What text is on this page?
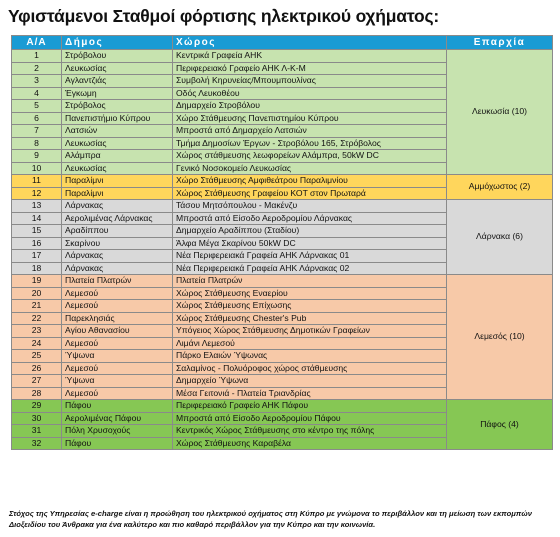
Υφιστάμενοι Σταθμοί φόρτισης ηλεκτρικού οχήματος:
Α/Α	Δήμος	Χώρος	Επαρχία
1	Στρόβολου	Κεντρικά Γραφεία ΑΗΚ	Λευκωσία (10)
2	Λευκωσίας	Περιφερειακό Γραφείο ΑΗΚ Λ-Κ-Μ	
3	Αγλαντζιάς	Συμβολή Κηρυνείας/Μπουμπουλίνας	
4	Έγκωμη	Οδός Λευκοθέου	
5	Στρόβολος	Δημαρχείο Στροβόλου	
6	Πανεπιστήμιο Κύπρου	Χώρο Στάθμευσης Πανεπιστημίου Κύπρου	
7	Λατσιών	Μπροστά από Δημαρχείο Λατσιών	
8	Λευκωσίας	Τμήμα Δημοσίων Έργων - Στροβόλου 165, Στρόβολος	
9	Αλάμπρα	Χώρος στάθμευσης λεωφορείων Αλάμπρα, 50kW DC	
10	Λευκωσίας	Γενικό Νοσοκομείο Λευκωσίας	
11	Παραλίμνι	Χώρο Στάθμευσης Αμφιθεάτρου Παραλιμνίου	Αμμόχωστος (2)
12	Παραλίμνι	Χώρος Στάθμευσης Γραφείου ΚΟΤ στον Πρωταρά	
13	Λάρνακας	Τάσου Μητσόπουλου - Μακένζυ	Λάρνακα (6)
14	Αερολιμένας Λάρνακας	Μπροστά από Είσοδο Αεροδρομίου Λάρνακας	
15	Αραδίππου	Δημαρχείο Αραδίππου (Σταδίου)	
16	Σκαρίνου	Άλφα Μέγα Σκαρίνου 50kW DC	
17	Λάρνακας	Νέα Περιφερειακά Γραφεία ΑΗΚ Λάρνακας 01	
18	Λάρνακας	Νέα Περιφερειακά Γραφεία ΑΗΚ Λάρνακας 02	
19	Πλατεία Πλατρών	Πλατεία Πλατρών	Λεμεσός (10)
20	Λεμεσού	Χώρος Στάθμευσης Εναερίου	
21	Λεμεσού	Χώρος Στάθμευσης Επίχωσης	
22	Παρεκλησιάς	Χώρος Στάθμευσης Chester's Pub	
23	Αγίου Αθανασίου	Υπόγειος Χώρος Στάθμευσης Δημοτικών Γραφείων	
24	Λεμεσού	Λιμάνι Λεμεσού	
25	Ύψωνα	Πάρκο Ελαιών Ύψωνας	
26	Λεμεσού	Σαλαμίνος - Πολυόροφος χώρος στάθμευσης	
27	Ύψωνα	Δημαρχείο Ύψωνα	
28	Λεμεσού	Μέσα Γειτονιά - Πλατεία Τριανδρίας	
29	Πάφου	Περιφερειακό Γραφείο ΑΗΚ Πάφου	Πάφος (4)
30	Αερολιμένας Πάφου	Μπροστά από Είσοδο Αεροδρομίου Πάφου	
31	Πόλη Χρυσοχούς	Κεντρικός Χώρος Στάθμευσης στο κέντρο της πόλης	
32	Πάφου	Χώρος Στάθμευσης Καραβέλα	
Στόχος της Υπηρεσίας e-charge είναι η προώθηση του ηλεκτρικού οχήματος στη Κύπρο με γνώμονα το περιβάλλον και τη μείωση των εκπομπών Διοξειδίου του Άνθρακα για ένα καλύτερο και πιο καθαρό περιβάλλον για την Κύπρο και την κοινωνία.
